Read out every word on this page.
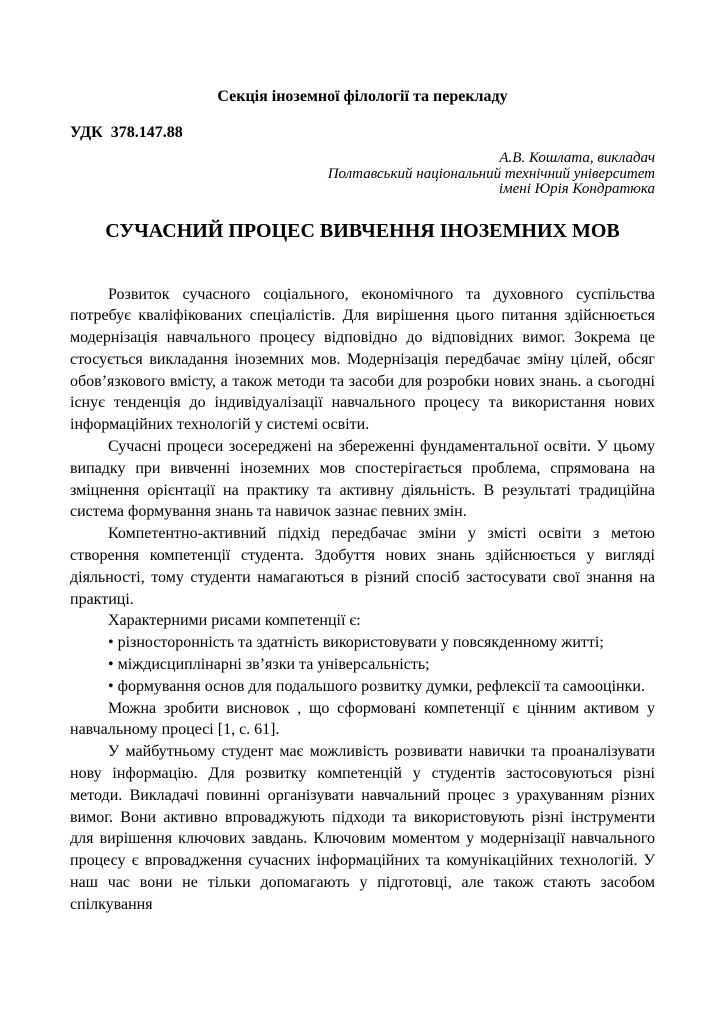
Секція іноземної філології та перекладу
УДК  378.147.88
А.В. Кошлата, викладач
Полтавський національний технічний університет
імені Юрія Кондратюка
СУЧАСНИЙ ПРОЦЕС ВИВЧЕННЯ ІНОЗЕМНИХ МОВ

Розвиток сучасного соціального, економічного та духовного суспільства потребує кваліфікованих спеціалістів. Для вирішення цього питання здійснюється модернізація навчального процесу відповідно до відповідних вимог. Зокрема це стосується викладання іноземних мов. Модернізація передбачає зміну цілей, обсяг обов’язкового вмісту, а також методи та засоби для розробки нових знань. а сьогодні існує тенденція до індивідуалізації навчального процесу та використання нових інформаційних технологій у системі освіти.

Сучасні процеси зосереджені на збереженні фундаментальної освіти. У цьому випадку при вивченні іноземних мов спостерігається проблема, спрямована на зміцнення орієнтації на практику та активну діяльність. В результаті традиційна система формування знань та навичок зазнає певних змін.

Компетентно-активний підхід передбачає зміни у змісті освіти з метою створення компетенції студента. Здобуття нових знань здійснюється у вигляді діяльності, тому студенти намагаються в різний спосіб застосувати свої знання на практиці.

Характерними рисами компетенції є:

• різносторонність та здатність використовувати у повсякденному житті;

• міждисциплінарні зв’язки та універсальність;

• формування основ для подальшого розвитку думки, рефлексії та самооцінки.

Можна зробити висновок , що сформовані компетенції є цінним активом у навчальному процесі [1, с. 61].

У майбутньому студент має можливість розвивати навички та проаналізувати нову інформацію. Для розвитку компетенцій у студентів застосовуються різні методи. Викладачі повинні організувати навчальний процес з урахуванням різних вимог. Вони активно впроваджують підходи та використовують різні інструменти для вирішення ключових завдань. Ключовим моментом у модернізації навчального процесу є впровадження сучасних інформаційних та комунікаційних технологій. У наш час вони не тільки допомагають у підготовці, але також стають засобом спілкування
